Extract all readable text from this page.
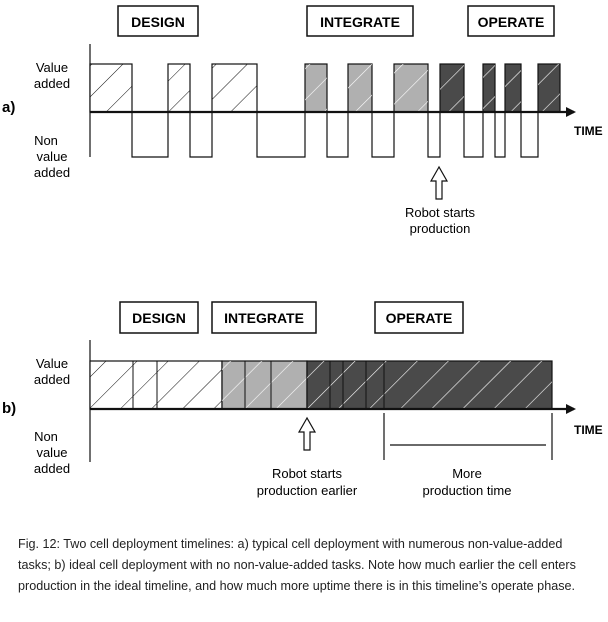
DESIGN	INTEGRATE	OPERATE
TIME
a)
Value
added
Non
value
added
Robot starts
production
DESIGN	INTEGRATE	OPERATE
TIME
b)
Value
added
Non
value
added	Robot starts
production earlier
More
production time
Fig. 12: Two cell deployment timelines: a) typical cell deployment with numerous non-value-added tasks; b) ideal cell deployment with no non-value-added tasks. Note how much earlier the cell enters production in the ideal timeline, and how much more uptime there is in this timeline’s operate phase.
